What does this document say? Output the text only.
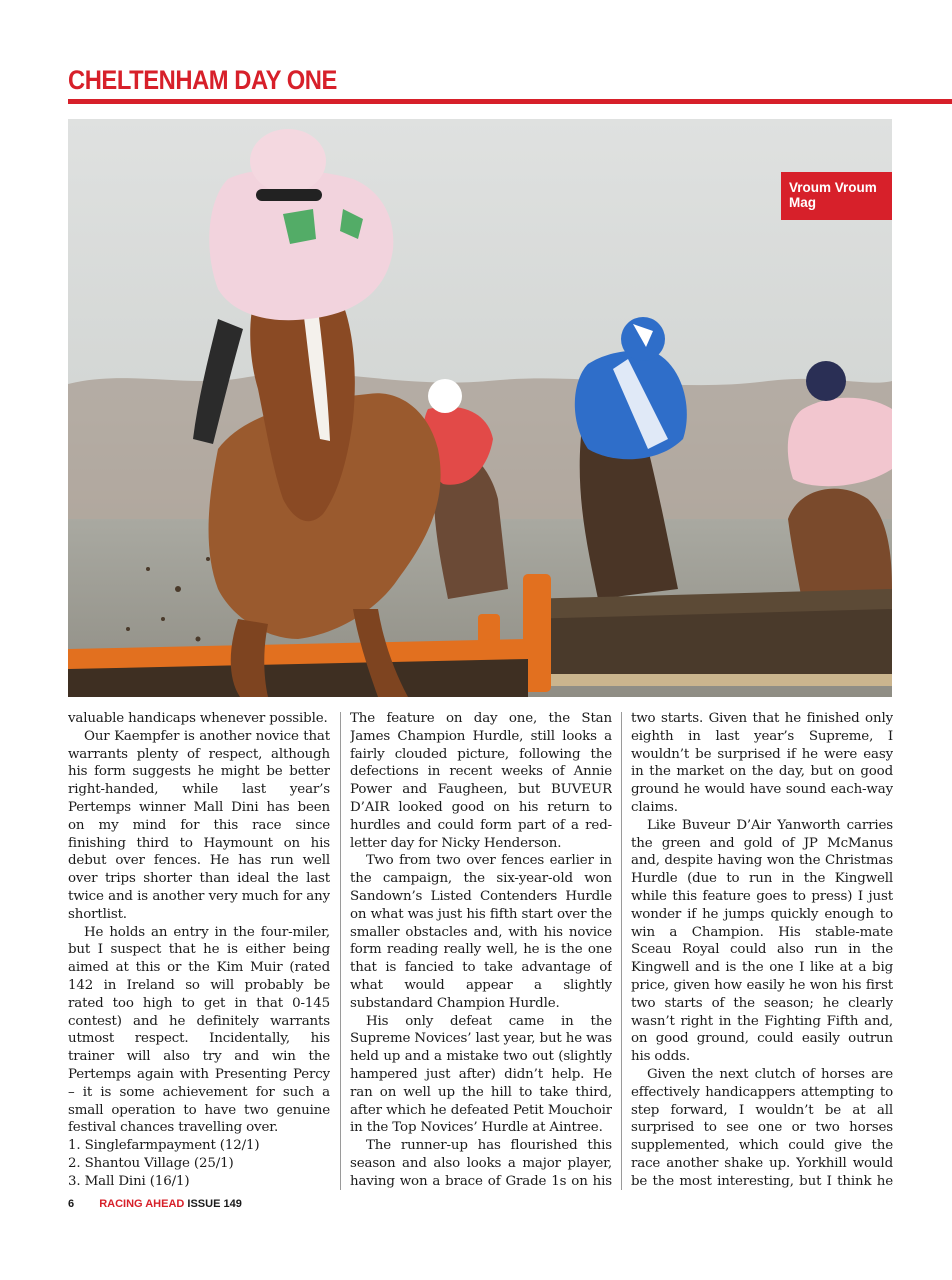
CHELTENHAM DAY ONE
Vroum Vroum Mag

valuable handicaps whenever possible.

Our Kaempfer is another novice that warrants plenty of respect, although his form suggests he might be better right-handed, while last year’s Pertemps winner Mall Dini has been on my mind for this race since finishing third to Haymount on his debut over fences. He has run well over trips shorter than ideal the last twice and is another very much for any shortlist.

He holds an entry in the four-miler, but I suspect that he is either being aimed at this or the Kim Muir (rated 142 in Ireland so will probably be rated too high to get in that 0-145 contest) and he definitely warrants utmost respect. Incidentally, his trainer will also try and win the Pertemps again with Presenting Percy – it is some achievement for such a small operation to have two genuine festival chances travelling over.

1. Singlefarmpayment (12/1)
2. Shantou Village (25/1)
3. Mall Dini (16/1)

The feature on day one, the Stan James Champion Hurdle, still looks a fairly clouded picture, following the defections in recent weeks of Annie Power and Faugheen, but BUVEUR D’AIR looked good on his return to hurdles and could form part of a red-letter day for Nicky Henderson.

Two from two over fences earlier in the campaign, the six-year-old won Sandown’s Listed Contenders Hurdle on what was just his fifth start over the smaller obstacles and, with his novice form reading really well, he is the one that is fancied to take advantage of what would appear a slightly substandard Champion Hurdle.

His only defeat came in the Supreme Novices’ last year, but he was held up and a mistake two out (slightly hampered just after) didn’t help. He ran on well up the hill to take third, after which he defeated Petit Mouchoir in the Top Novices’ Hurdle at Aintree.

The runner-up has flourished this season and also looks a major player, having won a brace of Grade 1s on his

two starts. Given that he finished only eighth in last year’s Supreme, I wouldn’t be surprised if he were easy in the market on the day, but on good ground he would have sound each-way claims.

Like Buveur D’Air Yanworth carries the green and gold of JP McManus and, despite having won the Christmas Hurdle (due to run in the Kingwell while this feature goes to press) I just wonder if he jumps quickly enough to win a Champion. His stable-mate Sceau Royal could also run in the Kingwell and is the one I like at a big price, given how easily he won his first two starts of the season; he clearly wasn’t right in the Fighting Fifth and, on good ground, could easily outrun his odds.

Given the next clutch of horses are effectively handicappers attempting to step forward, I wouldn’t be at all surprised to see one or two horses supplemented, which could give the race another shake up. Yorkhill would be the most interesting, but I think he

6 RACING AHEAD ISSUE 149
